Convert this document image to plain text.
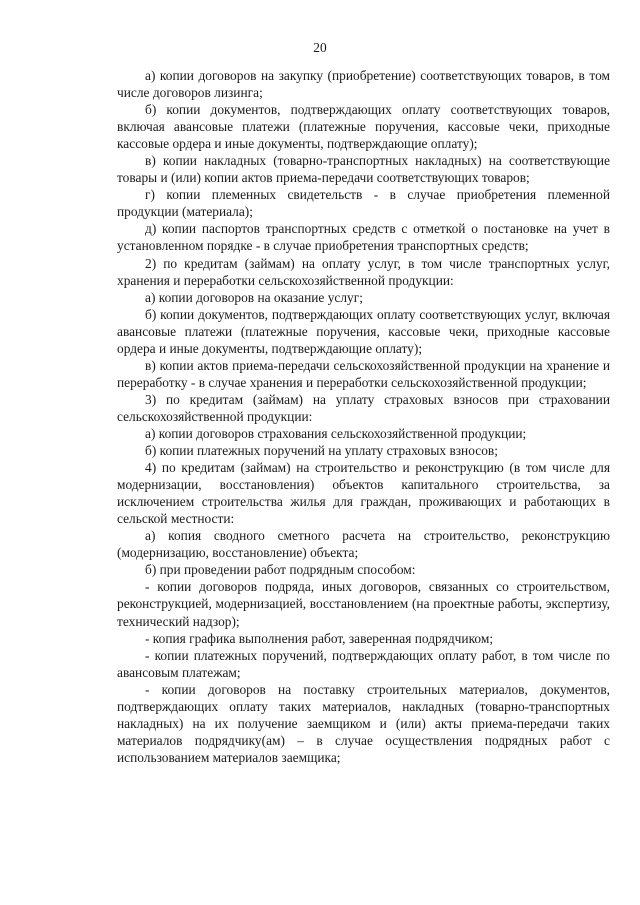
20

а) копии договоров на закупку (приобретение) соответствующих товаров, в том числе договоров лизинга;

б) копии документов, подтверждающих оплату соответствующих товаров, включая авансовые платежи (платежные поручения, кассовые чеки, приходные кассовые ордера и иные документы, подтверждающие оплату);

в) копии накладных (товарно-транспортных накладных) на соответствующие товары и (или) копии актов приема-передачи соответствующих товаров;

г) копии племенных свидетельств - в случае приобретения племенной продукции (материала);

д) копии паспортов транспортных средств с отметкой о постановке на учет в установленном порядке - в случае приобретения транспортных средств;

2) по кредитам (займам) на оплату услуг, в том числе транспортных услуг, хранения и переработки сельскохозяйственной продукции:

а) копии договоров на оказание услуг;

б) копии документов, подтверждающих оплату соответствующих услуг, включая авансовые платежи (платежные поручения, кассовые чеки, приходные кассовые ордера и иные документы, подтверждающие оплату);

в) копии актов приема-передачи сельскохозяйственной продукции на хранение и переработку - в случае хранения и переработки сельскохозяйственной продукции;

3) по кредитам (займам) на уплату страховых взносов при страховании сельскохозяйственной продукции:

а) копии договоров страхования сельскохозяйственной продукции;

б) копии платежных поручений на уплату страховых взносов;

4) по кредитам (займам) на строительство и реконструкцию (в том числе для модернизации, восстановления) объектов капитального строительства, за исключением строительства жилья для граждан, проживающих и работающих в сельской местности:

а) копия сводного сметного расчета на строительство, реконструкцию (модернизацию, восстановление) объекта;

б) при проведении работ подрядным способом:

- копии договоров подряда, иных договоров, связанных со строительством, реконструкцией, модернизацией, восстановлением (на проектные работы, экспертизу, технический надзор);

- копия графика выполнения работ, заверенная подрядчиком;

- копии платежных поручений, подтверждающих оплату работ, в том числе по авансовым платежам;

- копии договоров на поставку строительных материалов, документов, подтверждающих оплату таких материалов, накладных (товарно-транспортных накладных) на их получение заемщиком и (или) акты приема-передачи таких материалов подрядчику(ам) – в случае осуществления подрядных работ с использованием материалов заемщика;
